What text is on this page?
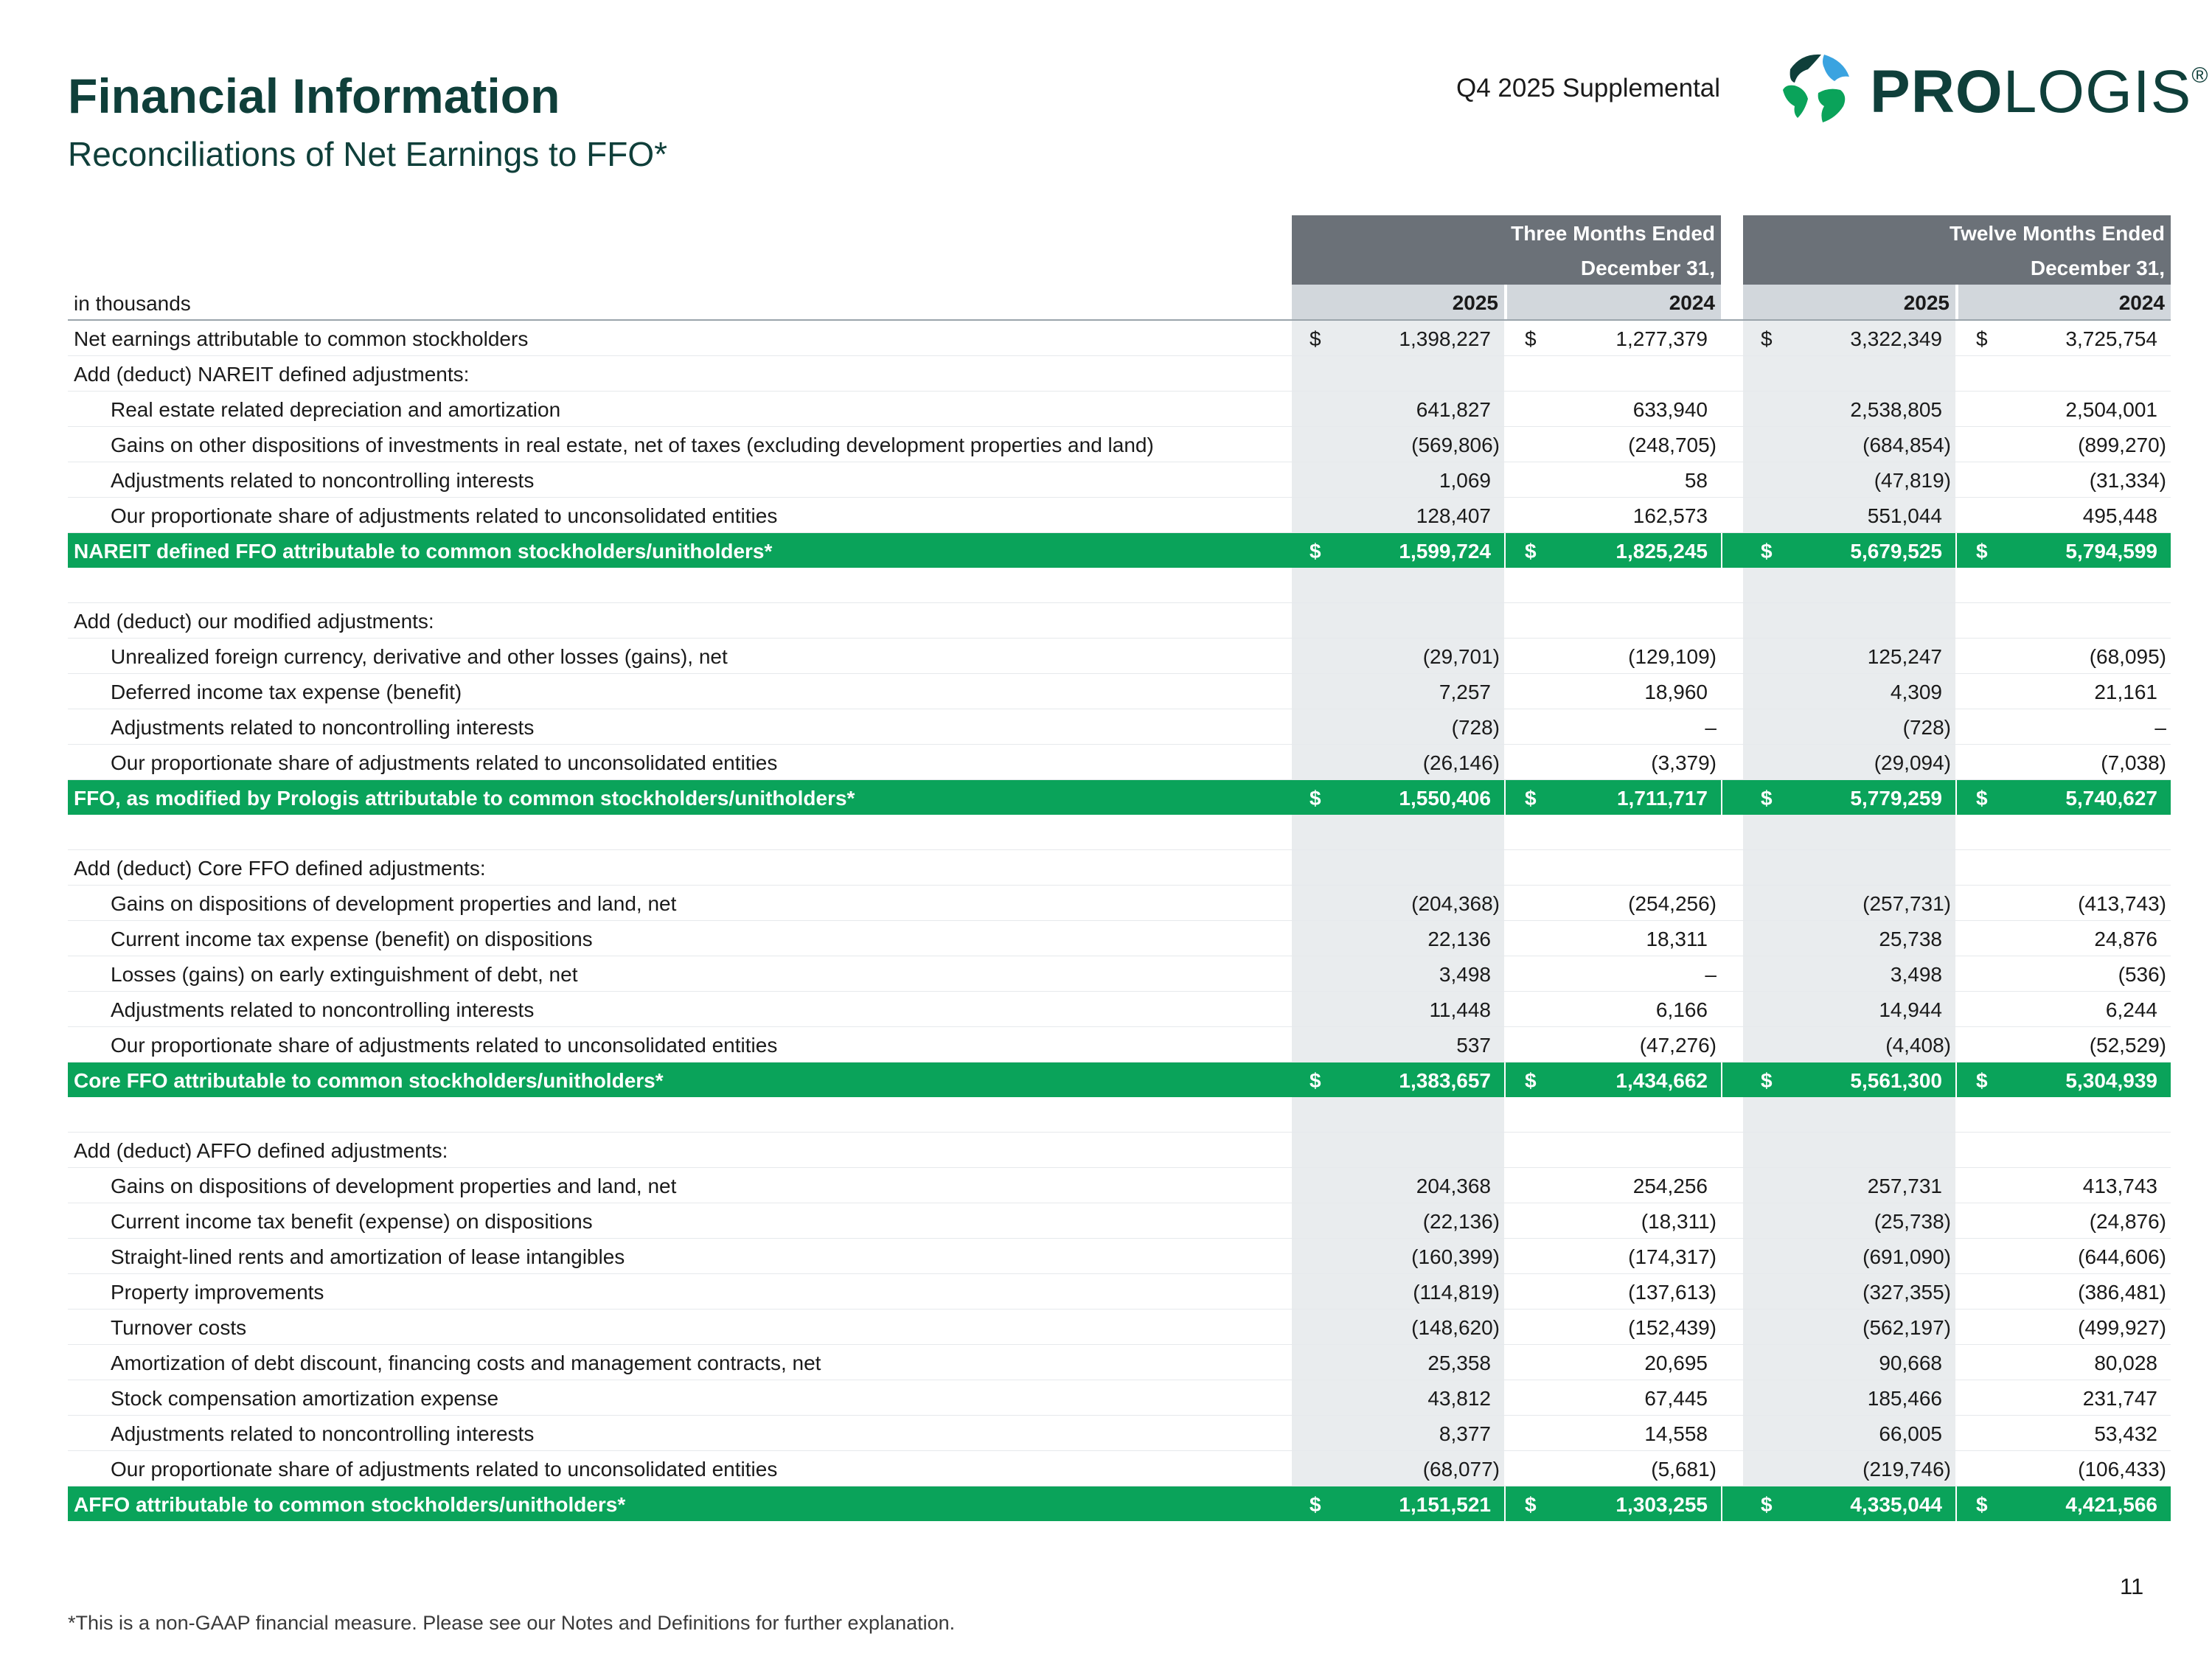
Financial Information
Reconciliations of Net Earnings to FFO*
Q4 2025 Supplemental PROLOGIS®
Three Months Ended	Twelve Months Ended
December 31,	December 31,
in thousands	2025	2024	2025	2024
Net earnings attributable to common stockholders	$	1,398,227 $	1,277,379	$	3,322,349 $	3,725,754
Add (deduct) NAREIT defined adjustments:
Real estate related depreciation and amortization	641,827	633,940	2,538,805	2,504,001
Gains on other dispositions of investments in real estate, net of taxes (excluding development properties and land)	(569,806)	(248,705)	(684,854)	(899,270)
Adjustments related to noncontrolling interests	1,069	58	(47,819)	(31,334)
Our proportionate share of adjustments related to unconsolidated entities	128,407	162,573	551,044	495,448
NAREIT defined FFO attributable to common stockholders/unitholders*	$	1,599,724 $	1,825,245	$	5,679,525 $	5,794,599
Add (deduct) our modified adjustments:
Unrealized foreign currency, derivative and other losses (gains), net	(29,701)	(129,109)	125,247	(68,095)
Deferred income tax expense (benefit)	7,257	18,960	4,309	21,161
Adjustments related to noncontrolling interests	(728)	–	(728)	–
Our proportionate share of adjustments related to unconsolidated entities	(26,146)	(3,379)	(29,094)	(7,038)
FFO, as modified by Prologis attributable to common stockholders/unitholders*	$	1,550,406 $	1,711,717	$	5,779,259 $	5,740,627
Add (deduct) Core FFO defined adjustments:
Gains on dispositions of development properties and land, net	(204,368)	(254,256)	(257,731)	(413,743)
Current income tax expense (benefit) on dispositions	22,136	18,311	25,738	24,876
Losses (gains) on early extinguishment of debt, net	3,498	–	3,498	(536)
Adjustments related to noncontrolling interests	11,448	6,166	14,944	6,244
Our proportionate share of adjustments related to unconsolidated entities	537	(47,276)	(4,408)	(52,529)
Core FFO attributable to common stockholders/unitholders*	$	1,383,657 $	1,434,662	$	5,561,300 $	5,304,939
Add (deduct) AFFO defined adjustments:
Gains on dispositions of development properties and land, net	204,368	254,256	257,731	413,743
Current income tax benefit (expense) on dispositions	(22,136)	(18,311)	(25,738)	(24,876)
Straight-lined rents and amortization of lease intangibles	(160,399)	(174,317)	(691,090)	(644,606)
Property improvements	(114,819)	(137,613)	(327,355)	(386,481)
Turnover costs	(148,620)	(152,439)	(562,197)	(499,927)
Amortization of debt discount, financing costs and management contracts, net	25,358	20,695	90,668	80,028
Stock compensation amortization expense	43,812	67,445	185,466	231,747
Adjustments related to noncontrolling interests	8,377	14,558	66,005	53,432
Our proportionate share of adjustments related to unconsolidated entities	(68,077)	(5,681)	(219,746)	(106,433)
AFFO attributable to common stockholders/unitholders*	$	1,151,521 $	1,303,255	$	4,335,044 $	4,421,566
11
*This is a non-GAAP financial measure. Please see our Notes and Definitions for further explanation.
